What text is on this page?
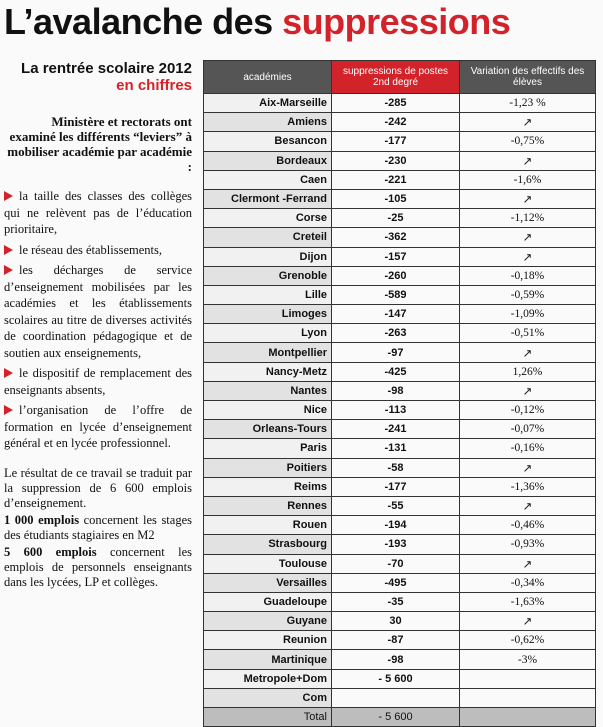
L’avalanche des suppressions
La rentrée scolaire 2012
en chiffres
Ministère et rectorats ont examiné les différents “leviers” à mobiliser académie par académie :
la taille des classes des collèges qui ne relèvent pas de l’éducation prioritaire,
le réseau des établissements,
les décharges de service d’enseignement mobilisées par les académies et les établissements scolaires au titre de diverses activités de coordination pédagogique et de soutien aux enseignements,
le dispositif de remplacement des enseignants absents,
l’organisation de l’offre de formation en lycée d’enseignement général et en lycée professionnel.
Le résultat de ce travail se traduit par la suppression de 6 600 emplois d’enseignement.
1 000 emplois concernent les stages des étudiants stagiaires en M2
5 600 emplois concernent les emplois de personnels enseignants dans les lycées, LP et collèges.
académies	suppressions de postes 2nd degré	Variation des effectifs des élèves
Aix-Marseille	-285	-1,23 %
Amiens	-242	↗
Besancon	-177	-0,75%
Bordeaux	-230	↗
Caen	-221	-1,6%
Clermont -Ferrand	-105	↗
Corse	-25	-1,12%
Creteil	-362	↗
Dijon	-157	↗
Grenoble	-260	-0,18%
Lille	-589	-0,59%
Limoges	-147	-1,09%
Lyon	-263	-0,51%
Montpellier	-97	↗
Nancy-Metz	-425	1,26%
Nantes	-98	↗
Nice	-113	-0,12%
Orleans-Tours	-241	-0,07%
Paris	-131	-0,16%
Poitiers	-58	↗
Reims	-177	-1,36%
Rennes	-55	↗
Rouen	-194	-0,46%
Strasbourg	-193	-0,93%
Toulouse	-70	↗
Versailles	-495	-0,34%
Guadeloupe	-35	-1,63%
Guyane	30	↗
Reunion	-87	-0,62%
Martinique	-98	-3%
Metropole+Dom	- 5 600	
Com		
Total	- 5 600	
